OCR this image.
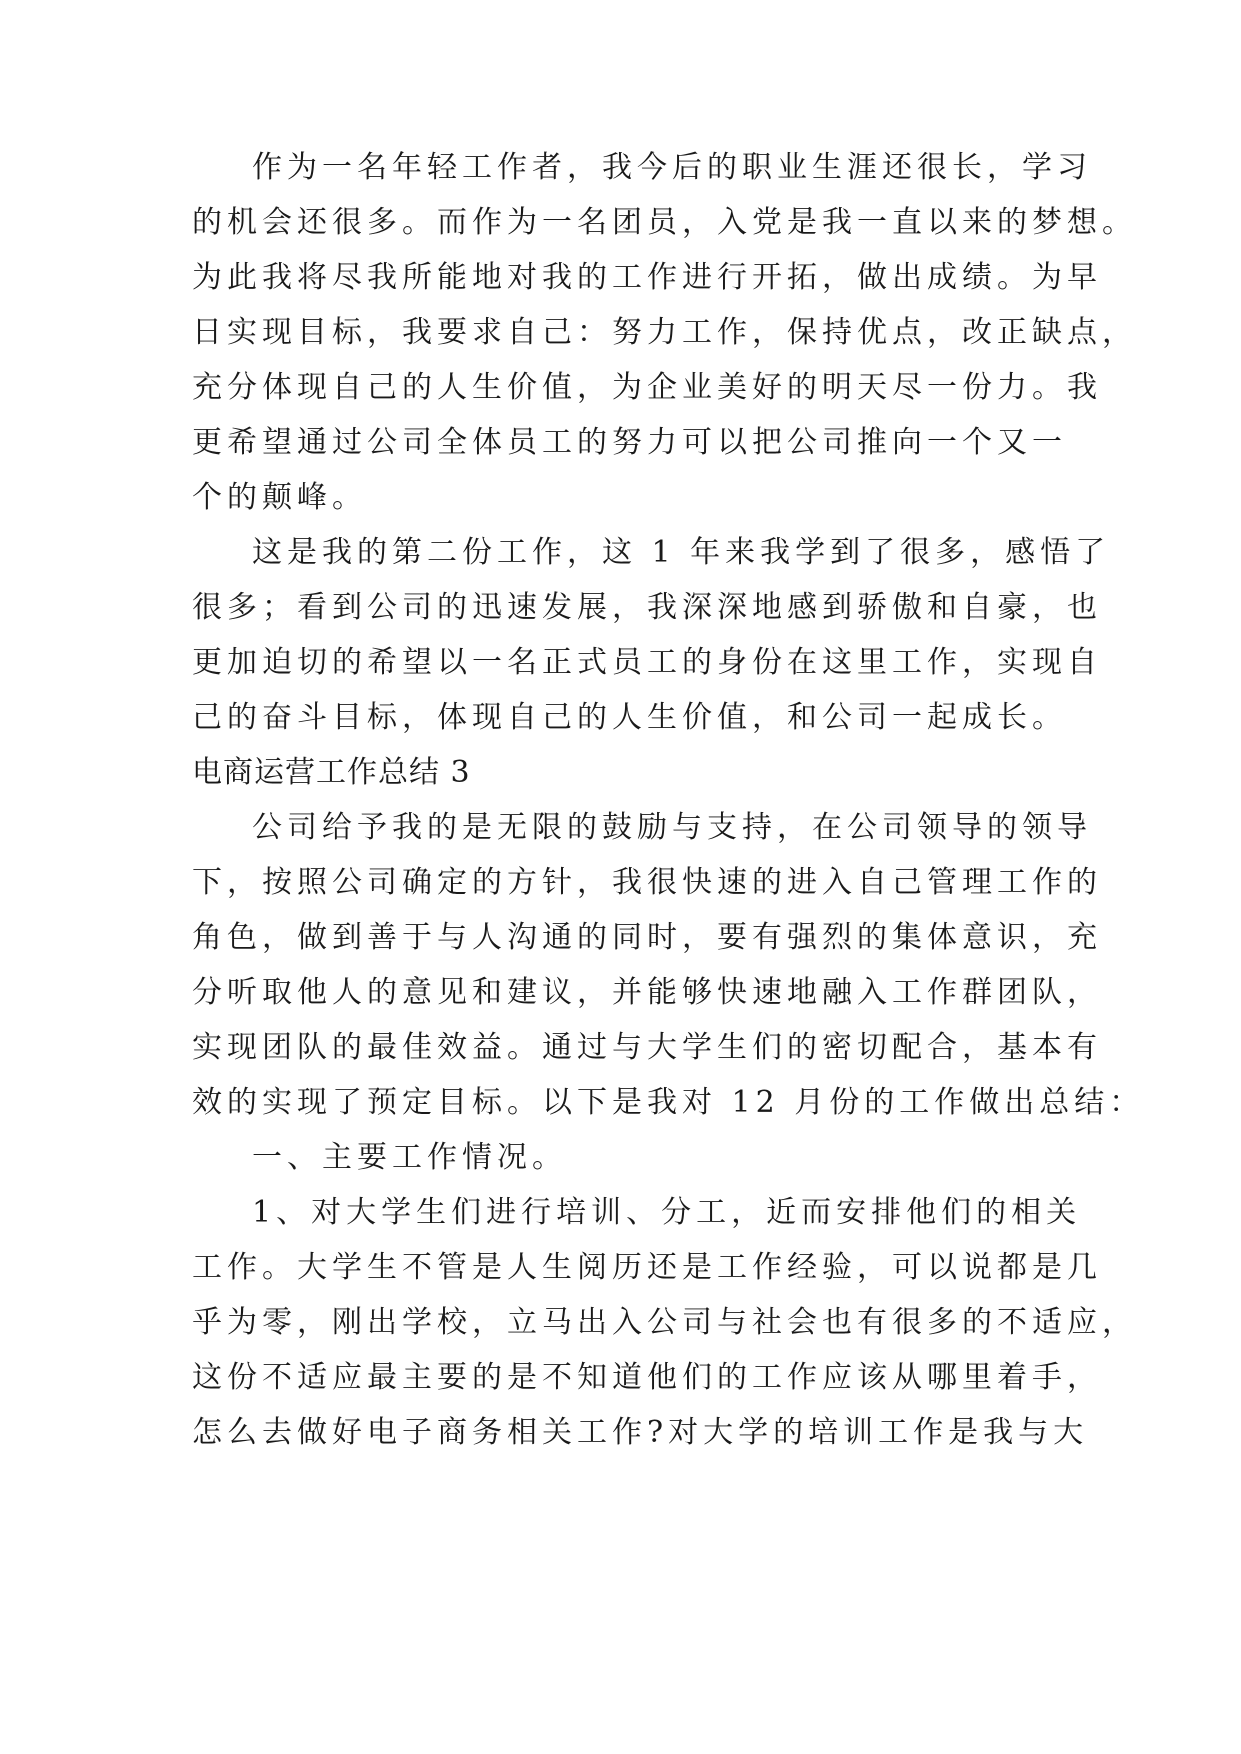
作为一名年轻工作者，我今后的职业生涯还很长，学习
的机会还很多。而作为一名团员，入党是我一直以来的梦想。
为此我将尽我所能地对我的工作进行开拓，做出成绩。为早
日实现目标，我要求自己：努力工作，保持优点，改正缺点，
充分体现自己的人生价值，为企业美好的明天尽一份力。我
更希望通过公司全体员工的努力可以把公司推向一个又一
个的颠峰。
这是我的第二份工作，这 1 年来我学到了很多，感悟了
很多；看到公司的迅速发展，我深深地感到骄傲和自豪，也
更加迫切的希望以一名正式员工的身份在这里工作，实现自
己的奋斗目标，体现自己的人生价值，和公司一起成长。
电商运营工作总结 3
公司给予我的是无限的鼓励与支持，在公司领导的领导
下，按照公司确定的方针，我很快速的进入自己管理工作的
角色，做到善于与人沟通的同时，要有强烈的集体意识，充
分听取他人的意见和建议，并能够快速地融入工作群团队，
实现团队的最佳效益。通过与大学生们的密切配合，基本有
效的实现了预定目标。以下是我对 12 月份的工作做出总结：
一、主要工作情况。
1、对大学生们进行培训、分工，近而安排他们的相关
工作。大学生不管是人生阅历还是工作经验，可以说都是几
乎为零，刚出学校，立马出入公司与社会也有很多的不适应，
这份不适应最主要的是不知道他们的工作应该从哪里着手，
怎么去做好电子商务相关工作?对大学的培训工作是我与大
